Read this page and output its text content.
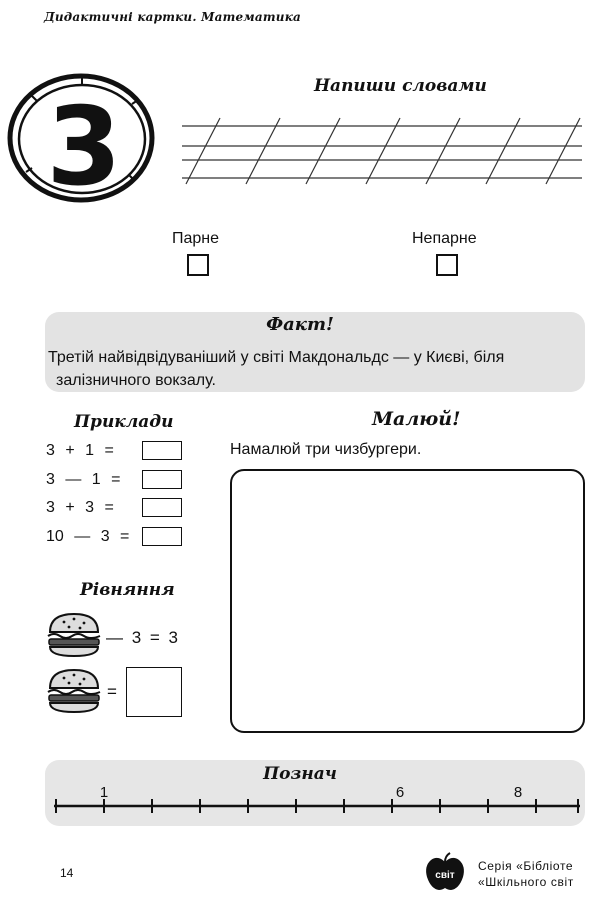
Дидактичні картки. Математика
3	Напиши словами
Парне	Непарне
Факт!
Третій найвідвідуваніший у світі Макдональдс — у Києві, біля
залізничного вокзалу.
Приклади
3 + 1 =
3 — 1 =
3 + 3 =
10 — 3 =
Малюй!
Намалюй три чизбургери.
Рівняння
— 3 = 3
=
Познач
1	6	8
14	світ
Серія «Бібліоте
«Шкільного світ
